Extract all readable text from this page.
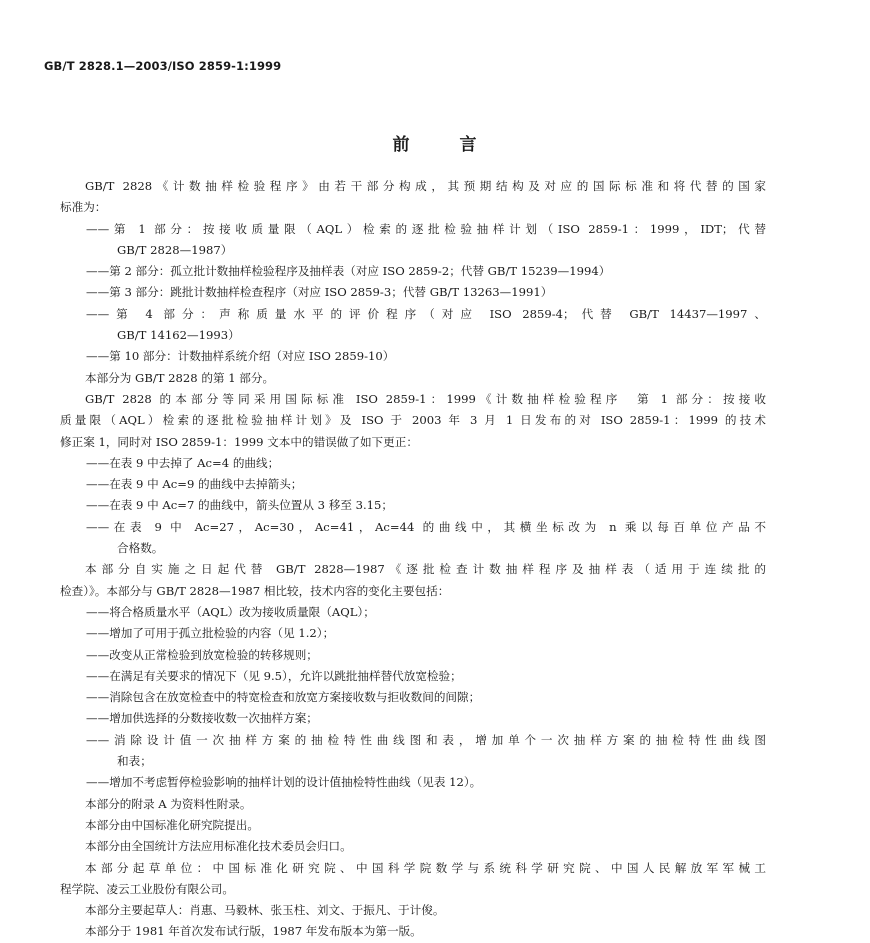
GB/T 2828.1—2003/ISO 2859-1:1999
前 言
GB/T 2828《计数抽样检验程序》由若干部分构成，其预期结构及对应的国际标准和将代替的国家
标准为：
——第 1 部分：按接收质量限（AQL）检索的逐批检验抽样计划（ISO 2859-1：1999，IDT；代替
GB/T 2828—1987）
——第 2 部分：孤立批计数抽样检验程序及抽样表（对应 ISO 2859-2；代替 GB/T 15239—1994）
——第 3 部分：跳批计数抽样检查程序（对应 ISO 2859-3；代替 GB/T 13263—1991）
——第 4 部分：声称质量水平的评价程序（对应 ISO 2859-4；代替 GB/T 14437—1997、
GB/T 14162—1993）
——第 10 部分：计数抽样系统介绍（对应 ISO 2859-10）
本部分为 GB/T 2828 的第 1 部分。
GB/T 2828 的本部分等同采用国际标准 ISO 2859-1：1999《计数抽样检验程序　第 1 部分：按接收
质量限（AQL）检索的逐批检验抽样计划》及 ISO 于 2003 年 3 月 1 日发布的对 ISO 2859-1：1999 的技术
修正案 1，同时对 ISO 2859-1：1999 文本中的错误做了如下更正：
——在表 9 中去掉了 Ac=4 的曲线；
——在表 9 中 Ac=9 的曲线中去掉箭头；
——在表 9 中 Ac=7 的曲线中，箭头位置从 3 移至 3.15；
——在表 9 中 Ac=27，Ac=30，Ac=41，Ac=44 的曲线中，其横坐标改为 n 乘以每百单位产品不
合格数。
本部分自实施之日起代替 GB/T 2828—1987《逐批检查计数抽样程序及抽样表（适用于连续批的
检查）》。本部分与 GB/T 2828—1987 相比较，技术内容的变化主要包括：
——将合格质量水平（AQL）改为接收质量限（AQL）；
——增加了可用于孤立批检验的内容（见 1.2）；
——改变从正常检验到放宽检验的转移规则；
——在满足有关要求的情况下（见 9.5），允许以跳批抽样替代放宽检验；
——消除包含在放宽检查中的特宽检查和放宽方案接收数与拒收数间的间隙；
——增加供选择的分数接收数一次抽样方案；
——消除设计值一次抽样方案的抽检特性曲线图和表，增加单个一次抽样方案的抽检特性曲线图
和表；
——增加不考虑暂停检验影响的抽样计划的设计值抽检特性曲线（见表 12）。
本部分的附录 A 为资料性附录。
本部分由中国标准化研究院提出。
本部分由全国统计方法应用标准化技术委员会归口。
本部分起草单位：中国标准化研究院、中国科学院数学与系统科学研究院、中国人民解放军军械工
程学院、凌云工业股份有限公司。
本部分主要起草人：肖惠、马毅林、张玉柱、刘文、于振凡、于计俊。
本部分于 1981 年首次发布试行版，1987 年发布版本为第一版。
